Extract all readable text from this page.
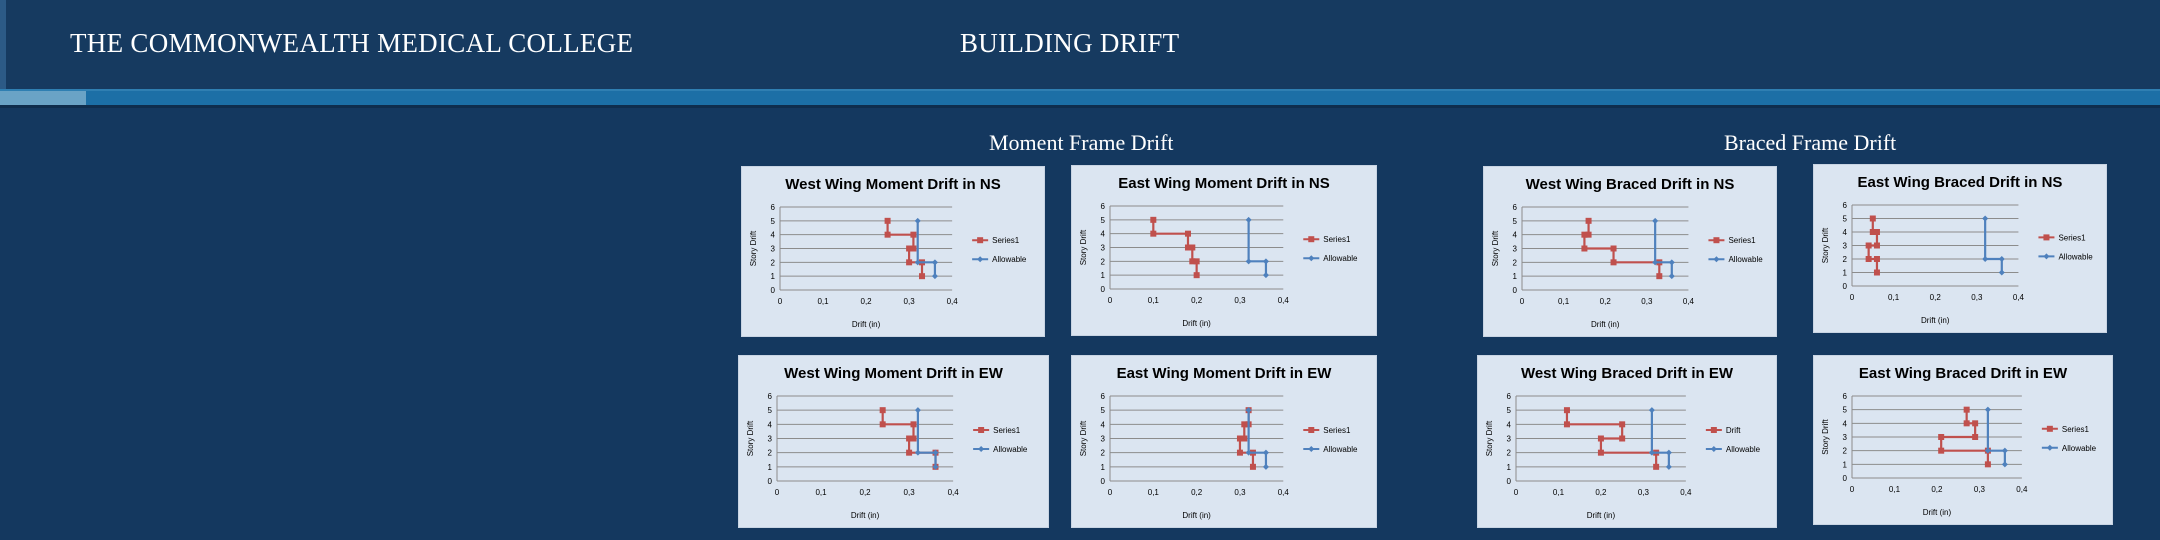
THE COMMONWEALTH MEDICAL COLLEGE	BUILDING DRIFT
Moment Frame Drift	Braced Frame Drift
West Wing Moment Drift in NS
0
1
2
3
4
5
6
0	0,1	0,2	0,3	0,4
Drift (in)
Story Drift	Series1
Allowable
East Wing Moment Drift in NS
0
1
2
3
4
5
6
0	0,1	0,2	0,3	0,4
Drift (in)
Story Drift	Series1
Allowable
West Wing Braced Drift in NS
0
1
2
3
4
5
6
0	0,1	0,2	0,3	0,4
Drift (in)
Story Drift	Series1
Allowable
East Wing Braced Drift in NS
0
1
2
3
4
5
6
0	0,1	0,2	0,3	0,4
Drift (in)
Story Drift	Series1
Allowable
West Wing Moment Drift in EW
0
1
2
3
4
5
6
0	0,1	0,2	0,3	0,4
Drift (in)
Story Drift	Series1
Allowable
East Wing Moment Drift in EW
0
1
2
3
4
5
6
0	0,1	0,2	0,3	0,4
Drift (in)
Story Drift	Series1
Allowable
West Wing Braced Drift in EW
0
1
2
3
4
5
6
0	0,1	0,2	0,3	0,4
Drift (in)
Story Drift	Drift
Allowable
East Wing Braced Drift in EW
0
1
2
3
4
5
6
0	0,1	0,2	0,3	0,4
Drift (in)
Story Drift	Series1
Allowable
